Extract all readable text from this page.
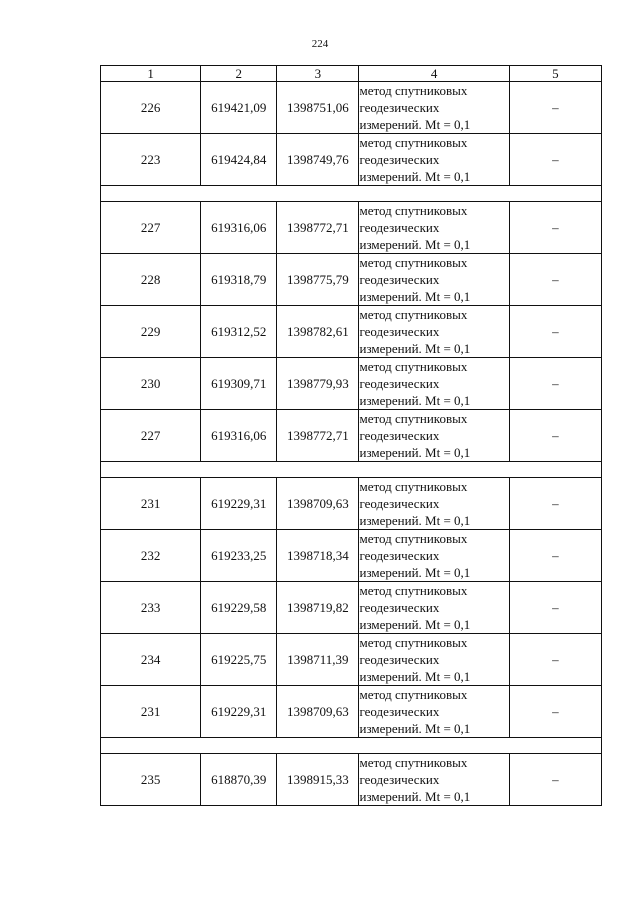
224
1	2	3	4	5
226	619421,09	1398751,06	метод спутниковых
геодезических
измерений. Mt = 0,1	–
223	619424,84	1398749,76	метод спутниковых
геодезических
измерений. Mt = 0,1	–

227	619316,06	1398772,71	метод спутниковых
геодезических
измерений. Mt = 0,1	–
228	619318,79	1398775,79	метод спутниковых
геодезических
измерений. Mt = 0,1	–
229	619312,52	1398782,61	метод спутниковых
геодезических
измерений. Mt = 0,1	–
230	619309,71	1398779,93	метод спутниковых
геодезических
измерений. Mt = 0,1	–
227	619316,06	1398772,71	метод спутниковых
геодезических
измерений. Mt = 0,1	–

231	619229,31	1398709,63	метод спутниковых
геодезических
измерений. Mt = 0,1	–
232	619233,25	1398718,34	метод спутниковых
геодезических
измерений. Mt = 0,1	–
233	619229,58	1398719,82	метод спутниковых
геодезических
измерений. Mt = 0,1	–
234	619225,75	1398711,39	метод спутниковых
геодезических
измерений. Mt = 0,1	–
231	619229,31	1398709,63	метод спутниковых
геодезических
измерений. Mt = 0,1	–

235	618870,39	1398915,33	метод спутниковых
геодезических
измерений. Mt = 0,1	–
